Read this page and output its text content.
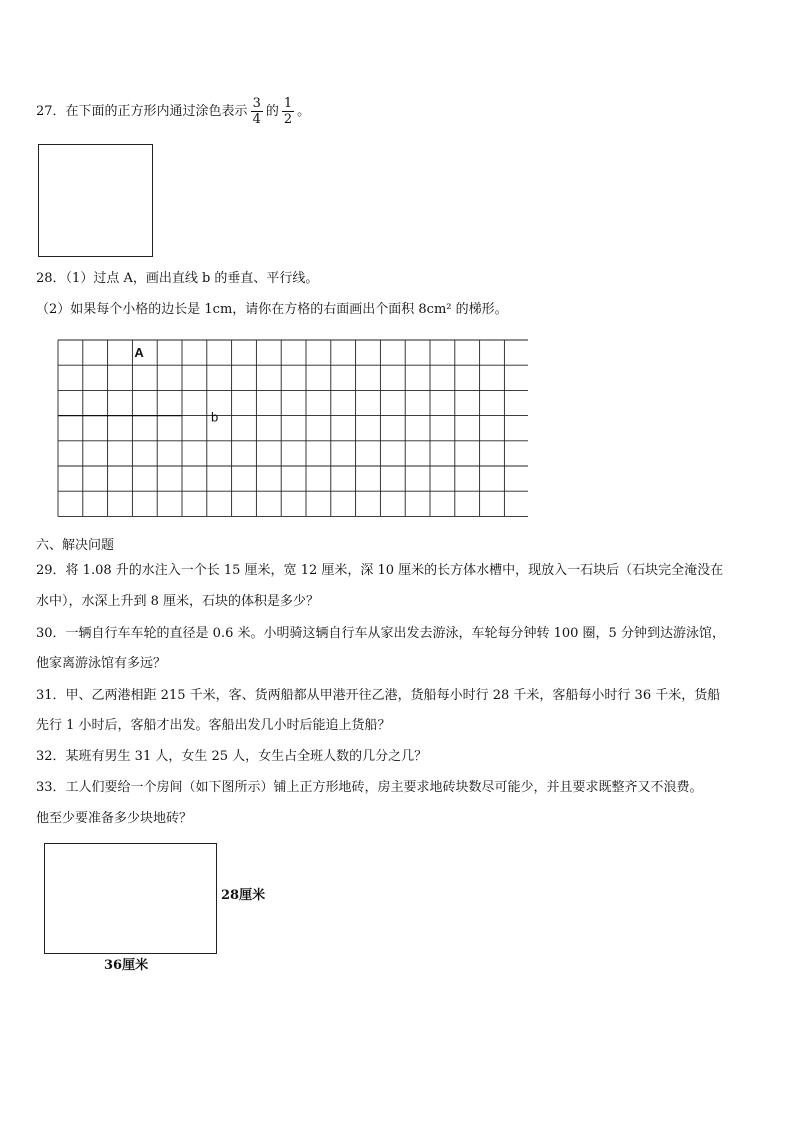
27．在下面的正方形内通过涂色表示 $\frac{3}{4}$ 的 $\frac{1}{2}$ 。
28．（1）过点 A，画出直线 b 的垂直、平行线。
（2）如果每个小格的边长是 1cm，请你在方格的右面画出个面积 8cm² 的梯形。
A
b
六、解决问题
29．将 1.08 升的水注入一个长 15 厘米，宽 12 厘米，深 10 厘米的长方体水槽中，现放入一石块后（石块完全淹没在
水中），水深上升到 8 厘米，石块的体积是多少？
30．一辆自行车车轮的直径是 0.6 米。小明骑这辆自行车从家出发去游泳，车轮每分钟转 100 圈，5 分钟到达游泳馆，
他家离游泳馆有多远？
31．甲、乙两港相距 215 千米，客、货两船都从甲港开往乙港，货船每小时行 28 千米，客船每小时行 36 千米，货船
先行 1 小时后，客船才出发。客船出发几小时后能追上货船？
32．某班有男生 31 人，女生 25 人，女生占全班人数的几分之几？
33．工人们要给一个房间（如下图所示）铺上正方形地砖，房主要求地砖块数尽可能少，并且要求既整齐又不浪费。
他至少要准备多少块地砖？
28厘米
36厘米
